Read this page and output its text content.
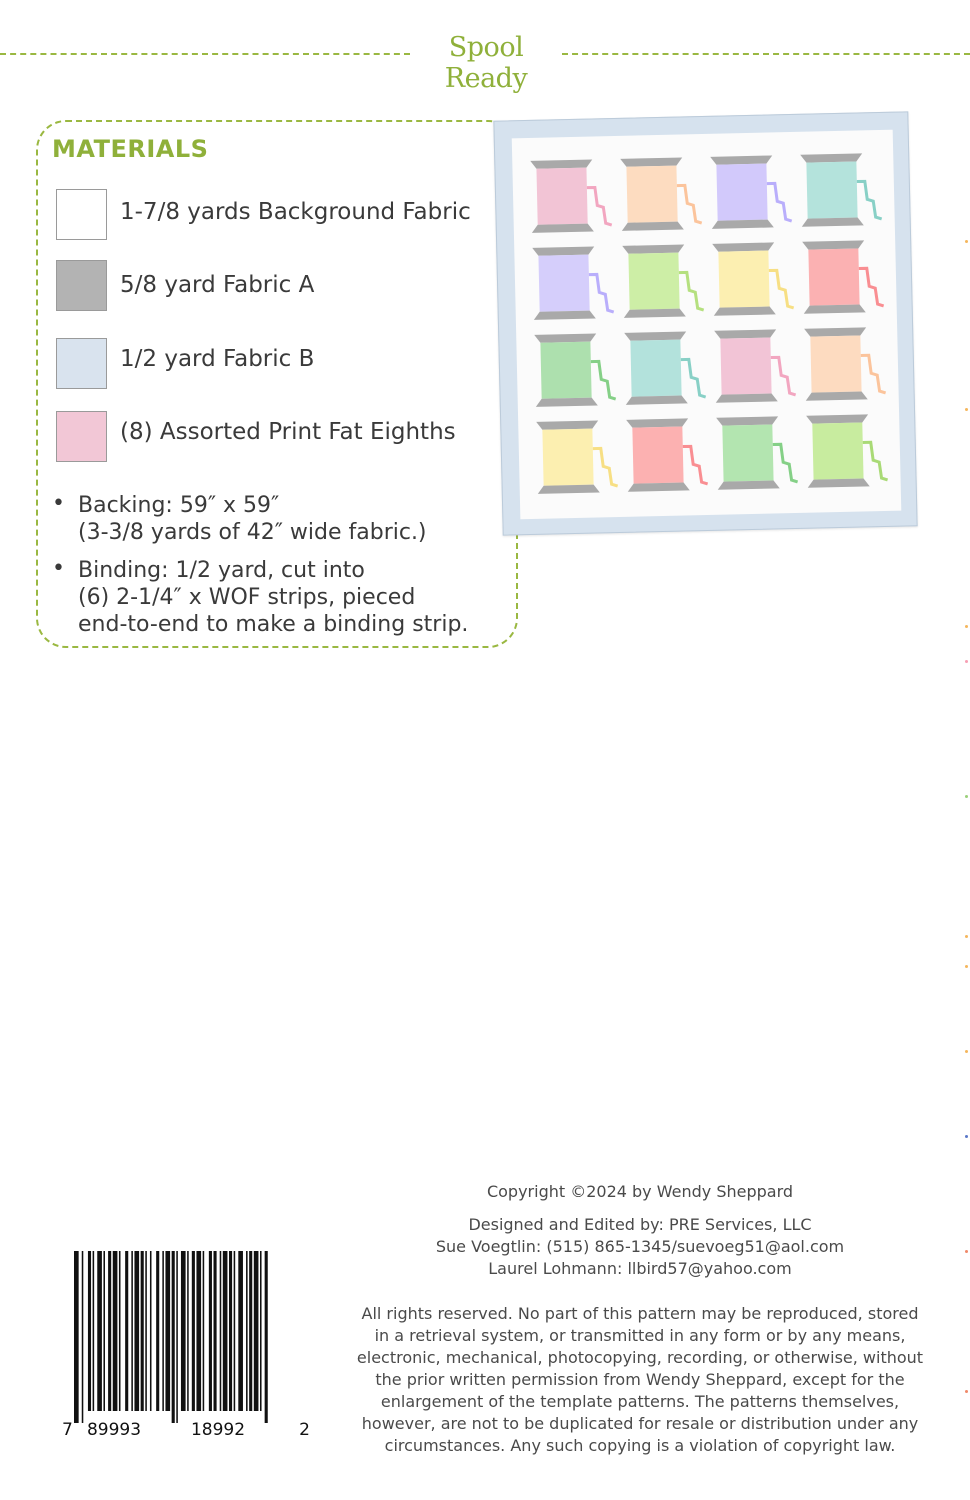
Spool Ready
MATERIALS
1-7/8 yards Background Fabric
5/8 yard Fabric A
1/2 yard Fabric B
(8) Assorted Print Fat Eighths
• Backing: 59″ x 59″
(3-3/8 yards of 42″ wide fabric.)
• Binding: 1/2 yard, cut into
(6) 2-1/4″ x WOF strips, pieced
end-to-end to make a binding strip.
Copyright ©2024 by Wendy Sheppard
Designed and Edited by: PRE Services, LLC
Sue Voegtlin: (515) 865-1345/suevoeg51@aol.com
Laurel Lohmann: llbird57@yahoo.com
All rights reserved. No part of this pattern may be reproduced, stored
in a retrieval system, or transmitted in any form or by any means,
electronic, mechanical, photocopying, recording, or otherwise, without
the prior written permission from Wendy Sheppard, except for the
enlargement of the template patterns. The patterns themselves,
however, are not to be duplicated for resale or distribution under any
circumstances. Any such copying is a violation of copyright law.
7 89993	18992	2
